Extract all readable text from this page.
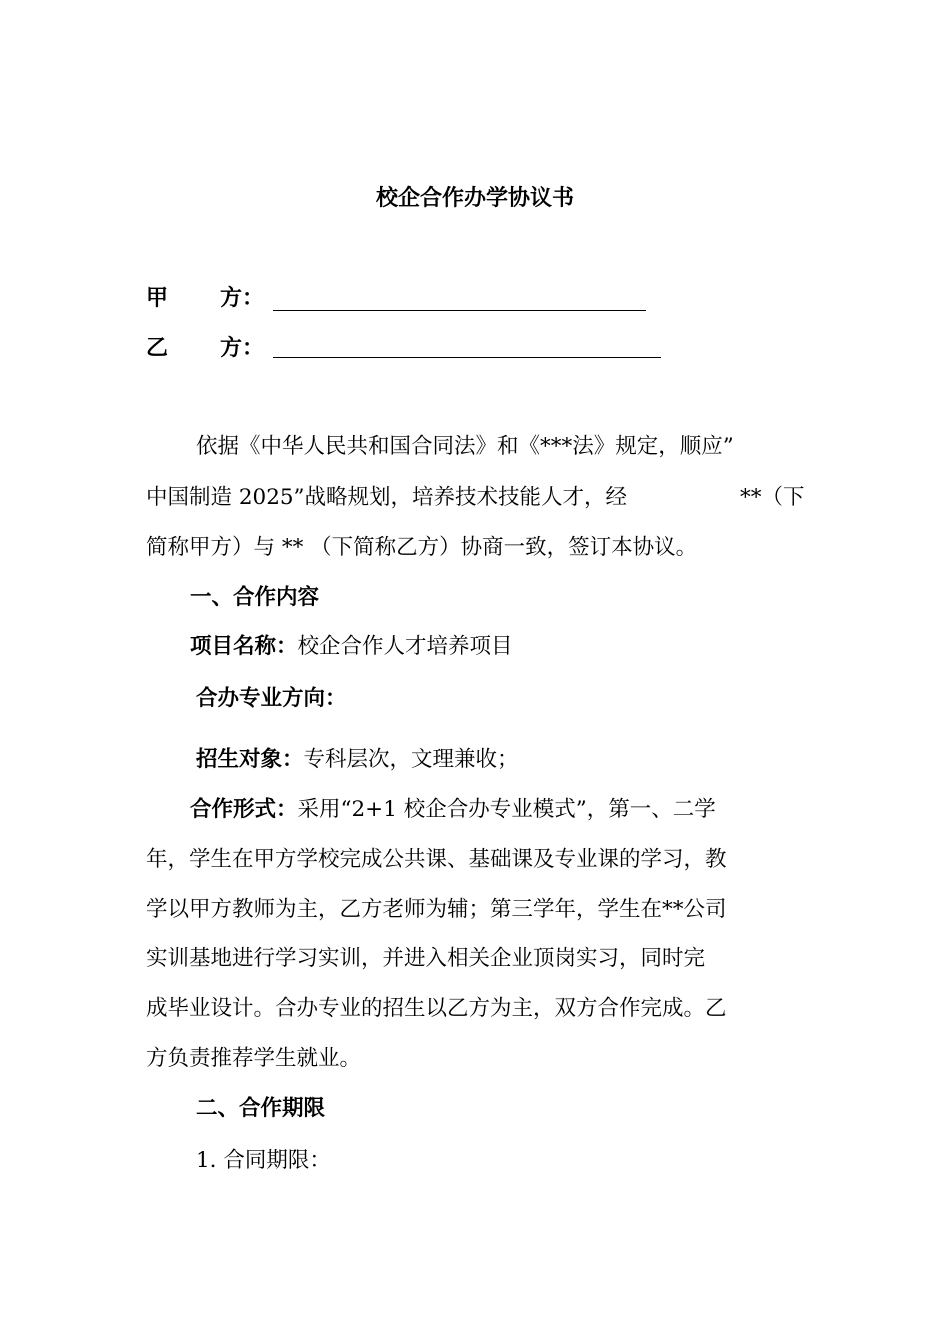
校企合作办学协议书
甲 方：
乙 方：
依据《中华人民共和国合同法》和《***法》规定，顺应”
中国制造 2025”战略规划，培养技术技能人才，经	**（下
简称甲方）与 ** （下简称乙方）协商一致，签订本协议。
一、合作内容
项目名称：校企合作人才培养项目
合办专业方向：
招生对象：专科层次，文理兼收；
合作形式：采用“2+1 校企合办专业模式”，第一、二学
年，学生在甲方学校完成公共课、基础课及专业课的学习，教
学以甲方教师为主，乙方老师为辅；第三学年，学生在**公司
实训基地进行学习实训，并进入相关企业顶岗实习，同时完
成毕业设计。合办专业的招生以乙方为主，双方合作完成。乙
方负责推荐学生就业。
二、合作期限
1. 合同期限：
